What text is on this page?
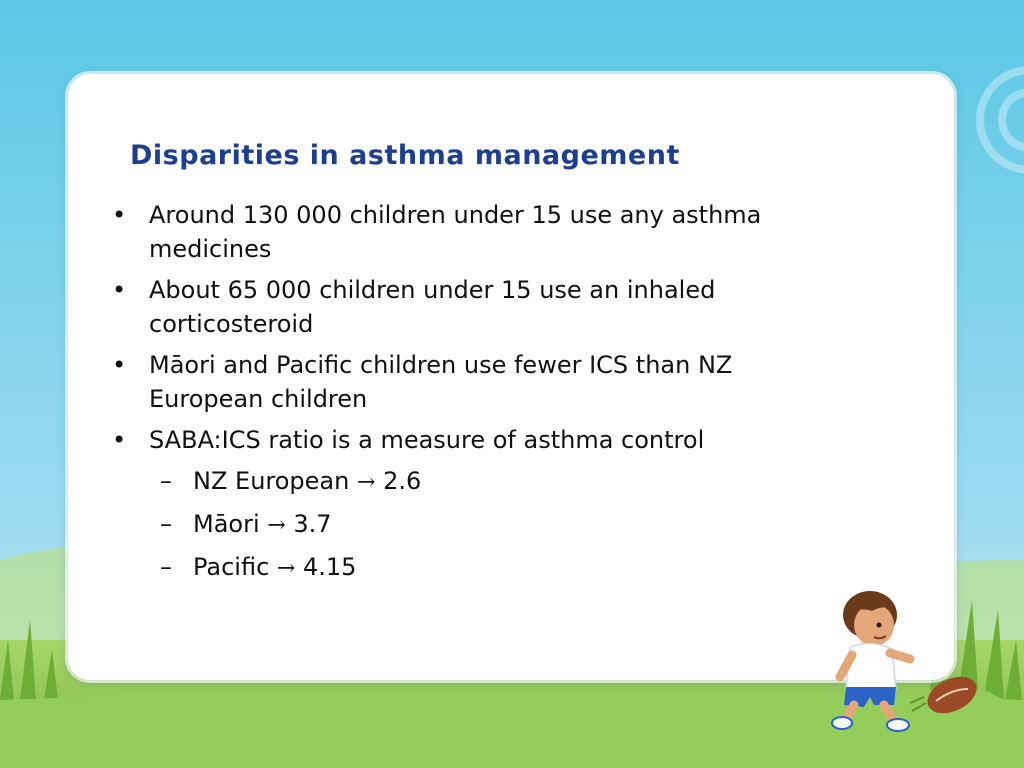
Disparities in asthma management
• Around 130 000 children under 15 use any asthma medicines
• About 65 000 children under 15 use an inhaled corticosteroid
• Māori and Pacific children use fewer ICS than NZ European children
• SABA:ICS ratio is a measure of asthma control
– NZ European → 2.6
– Māori → 3.7
– Pacific → 4.15
